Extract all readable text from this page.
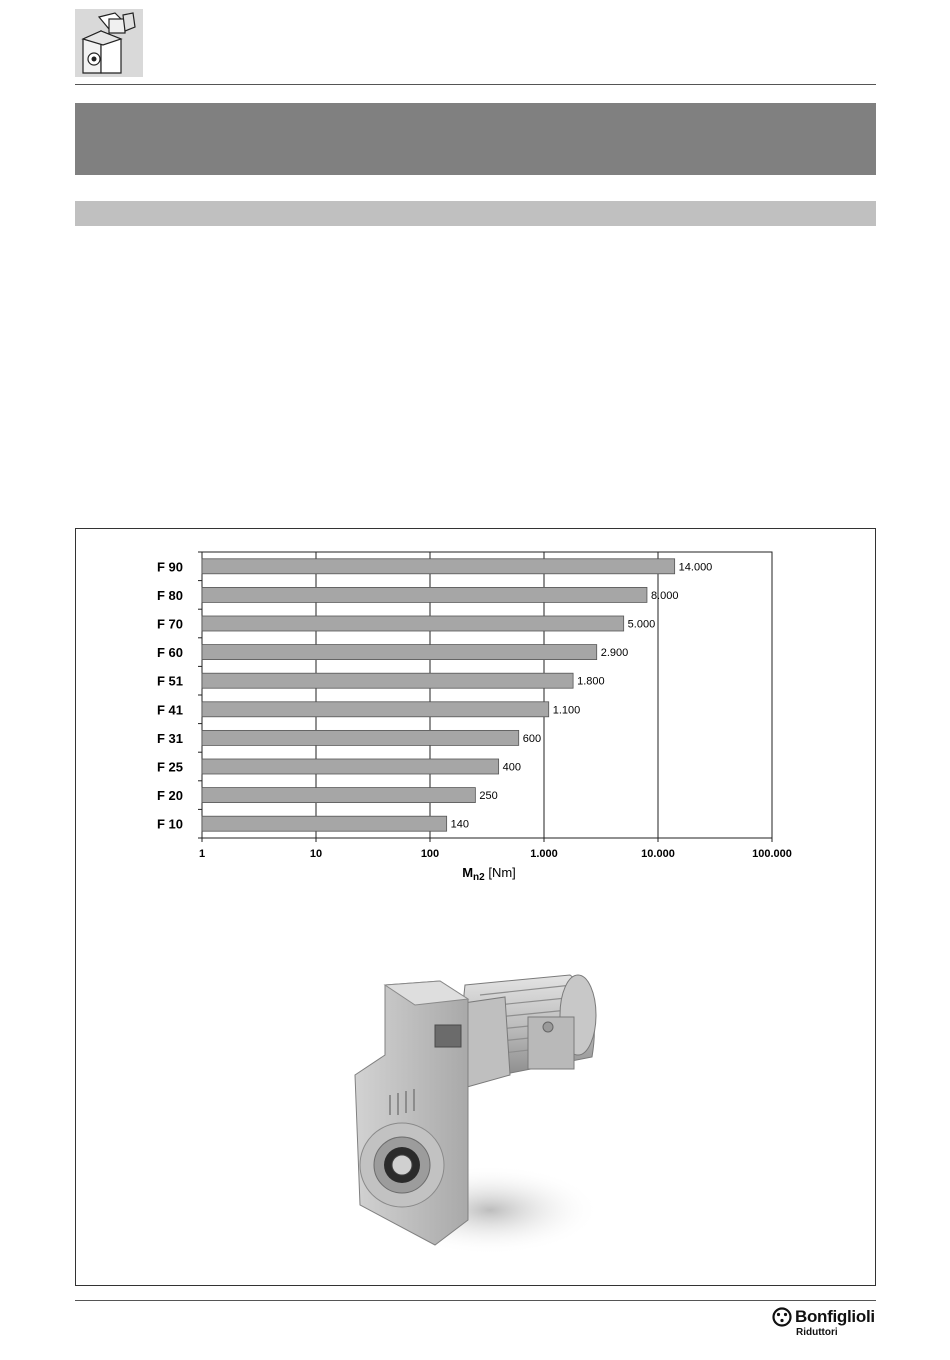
1	10	100	1.000	10.000	100.000
F 90	14.000
F 80	8.000
F 70	5.000
F 60	2.900
F 51	1.800
F 41	1.100
F 31	600
F 25	400
F 20	250
F 10	140
$M_{n2}$ [Nm]
Bonfiglioli
Riduttori
